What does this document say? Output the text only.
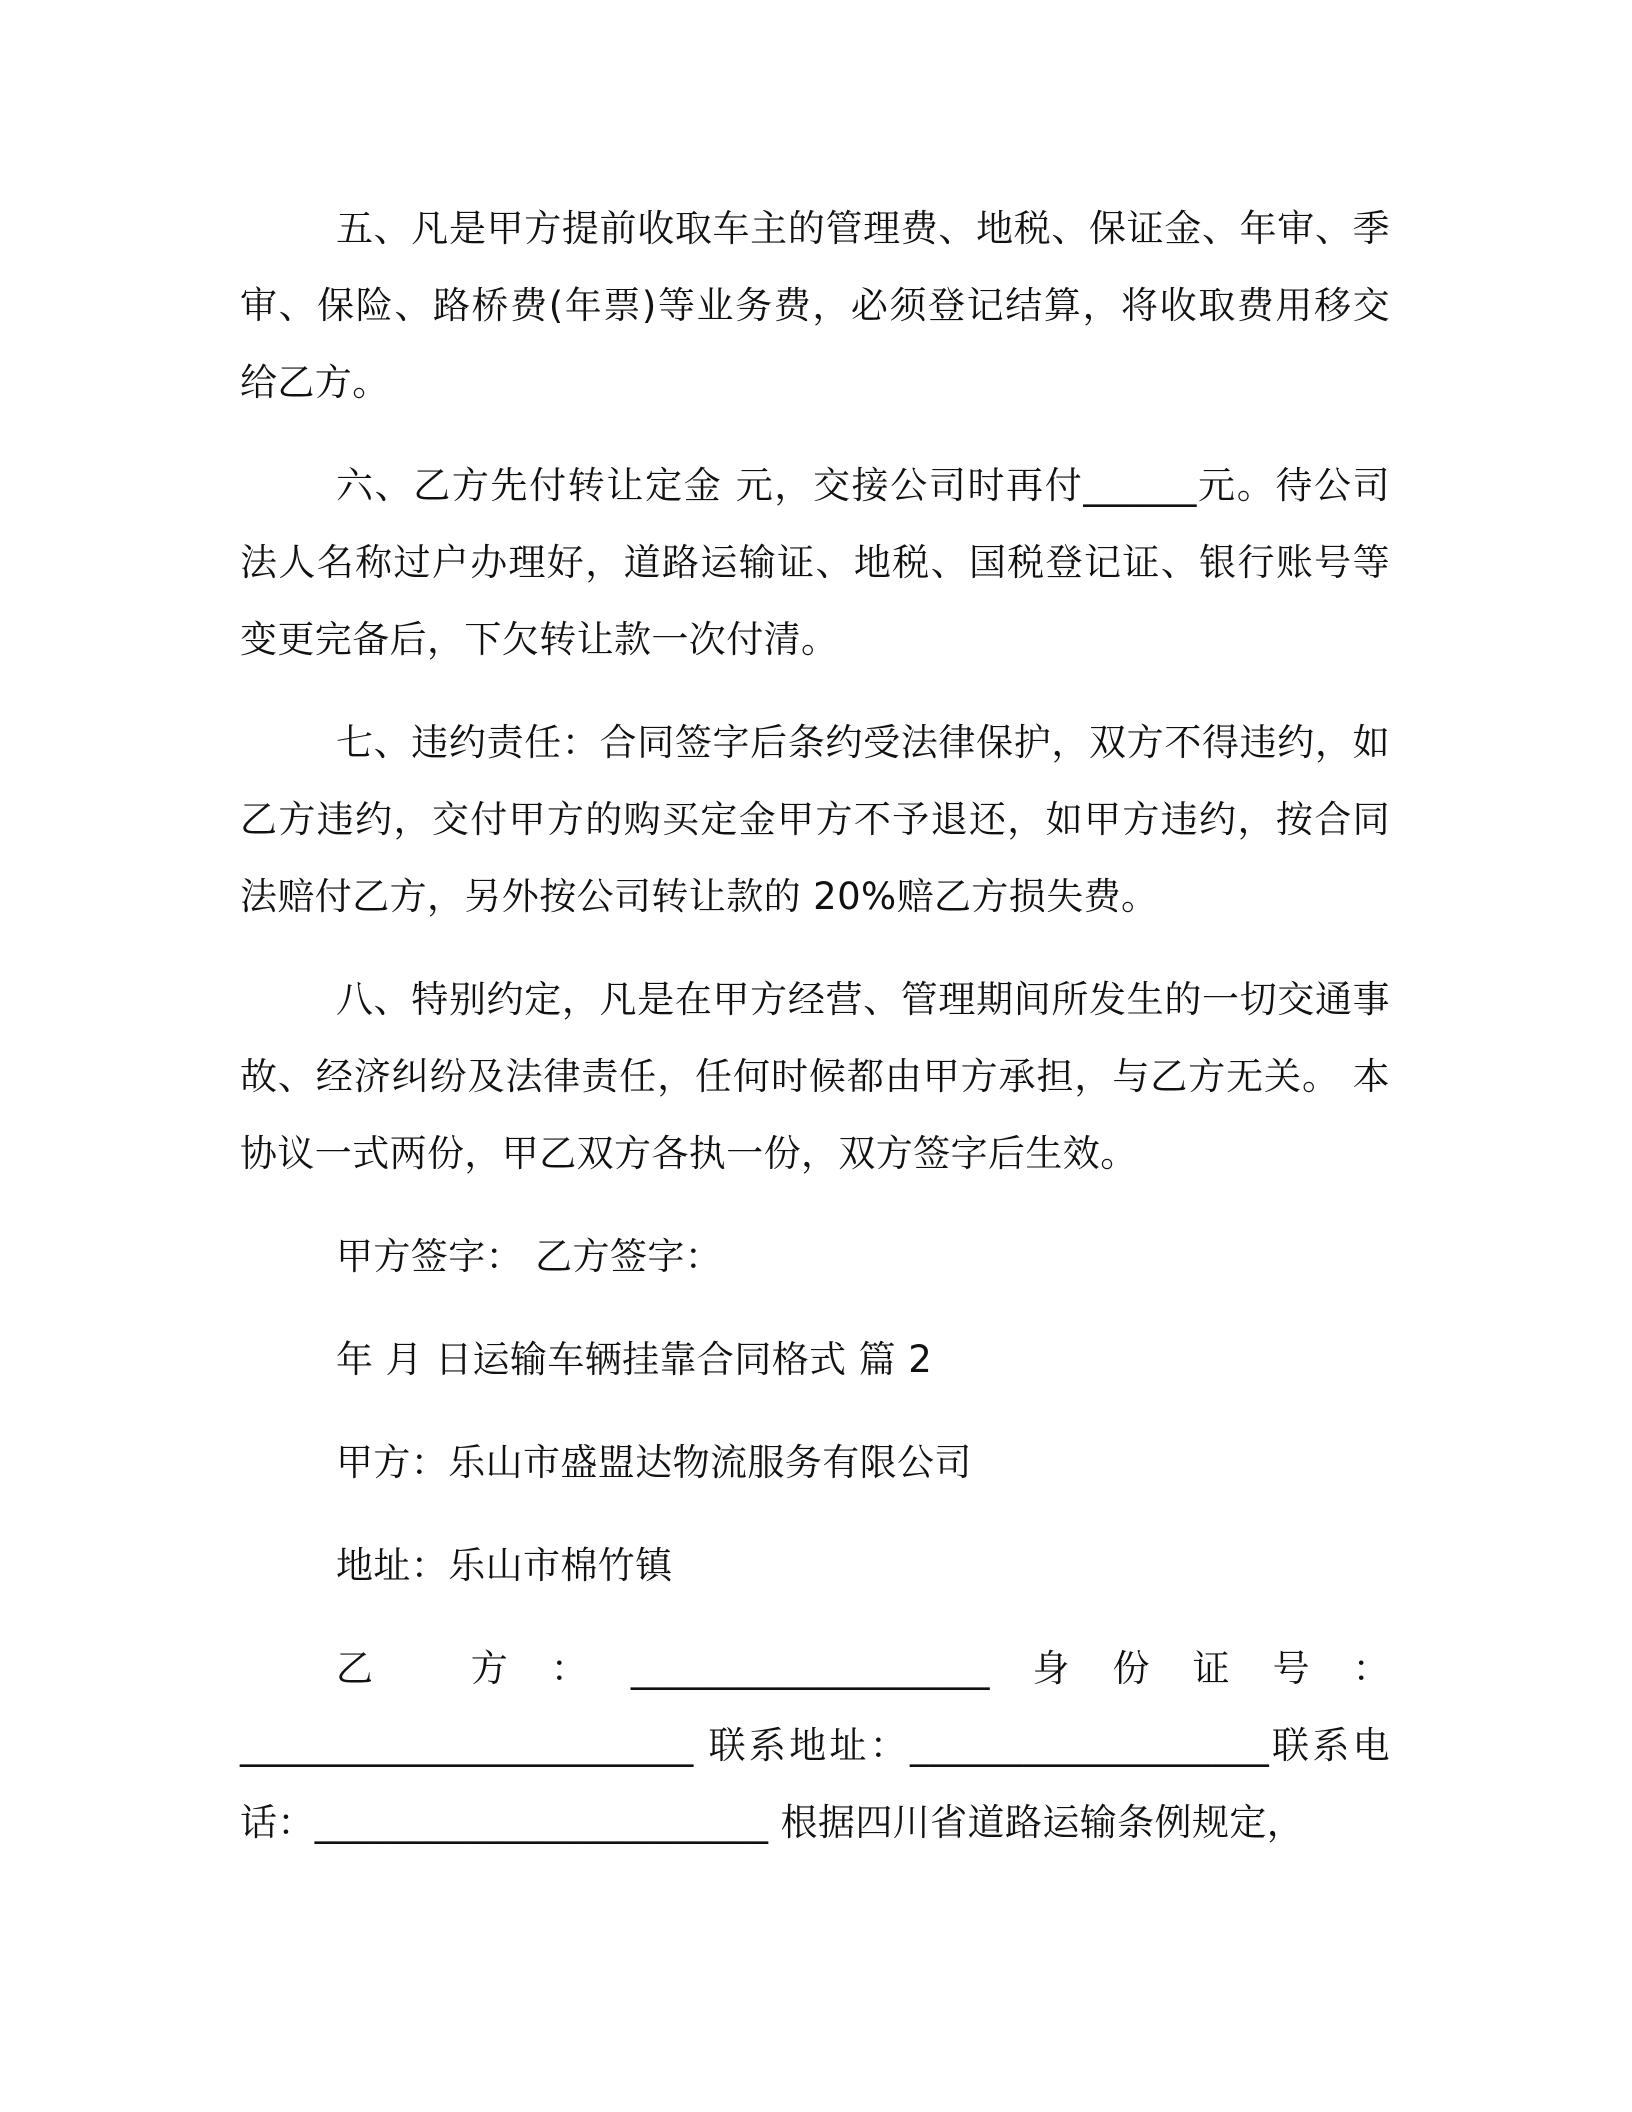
五、凡是甲方提前收取车主的管理费、地税、保证金、年审、季审、保险、路桥费(年票)等业务费，必须登记结算，将收取费用移交给乙方。

六、乙方先付转让定金 元，交接公司时再付______元。待公司法人名称过户办理好，道路运输证、地税、国税登记证、银行账号等变更完备后，下欠转让款一次付清。

七、违约责任：合同签字后条约受法律保护，双方不得违约，如乙方违约，交付甲方的购买定金甲方不予退还，如甲方违约，按合同法赔付乙方，另外按公司转让款的 20%赔乙方损失费。

八、特别约定，凡是在甲方经营、管理期间所发生的一切交通事故、经济纠纷及法律责任，任何时候都由甲方承担，与乙方无关。 本协议一式两份，甲乙双方各执一份，双方签字后生效。

甲方签字： 乙方签字：

年 月 日运输车辆挂靠合同格式 篇 2

甲方：乐山市盛盟达物流服务有限公司

地址：乐山市棉竹镇

乙 方：___________________身份证号：________________________ 联系地址：___________________联系电话：________________________ 根据四川省道路运输条例规定，
